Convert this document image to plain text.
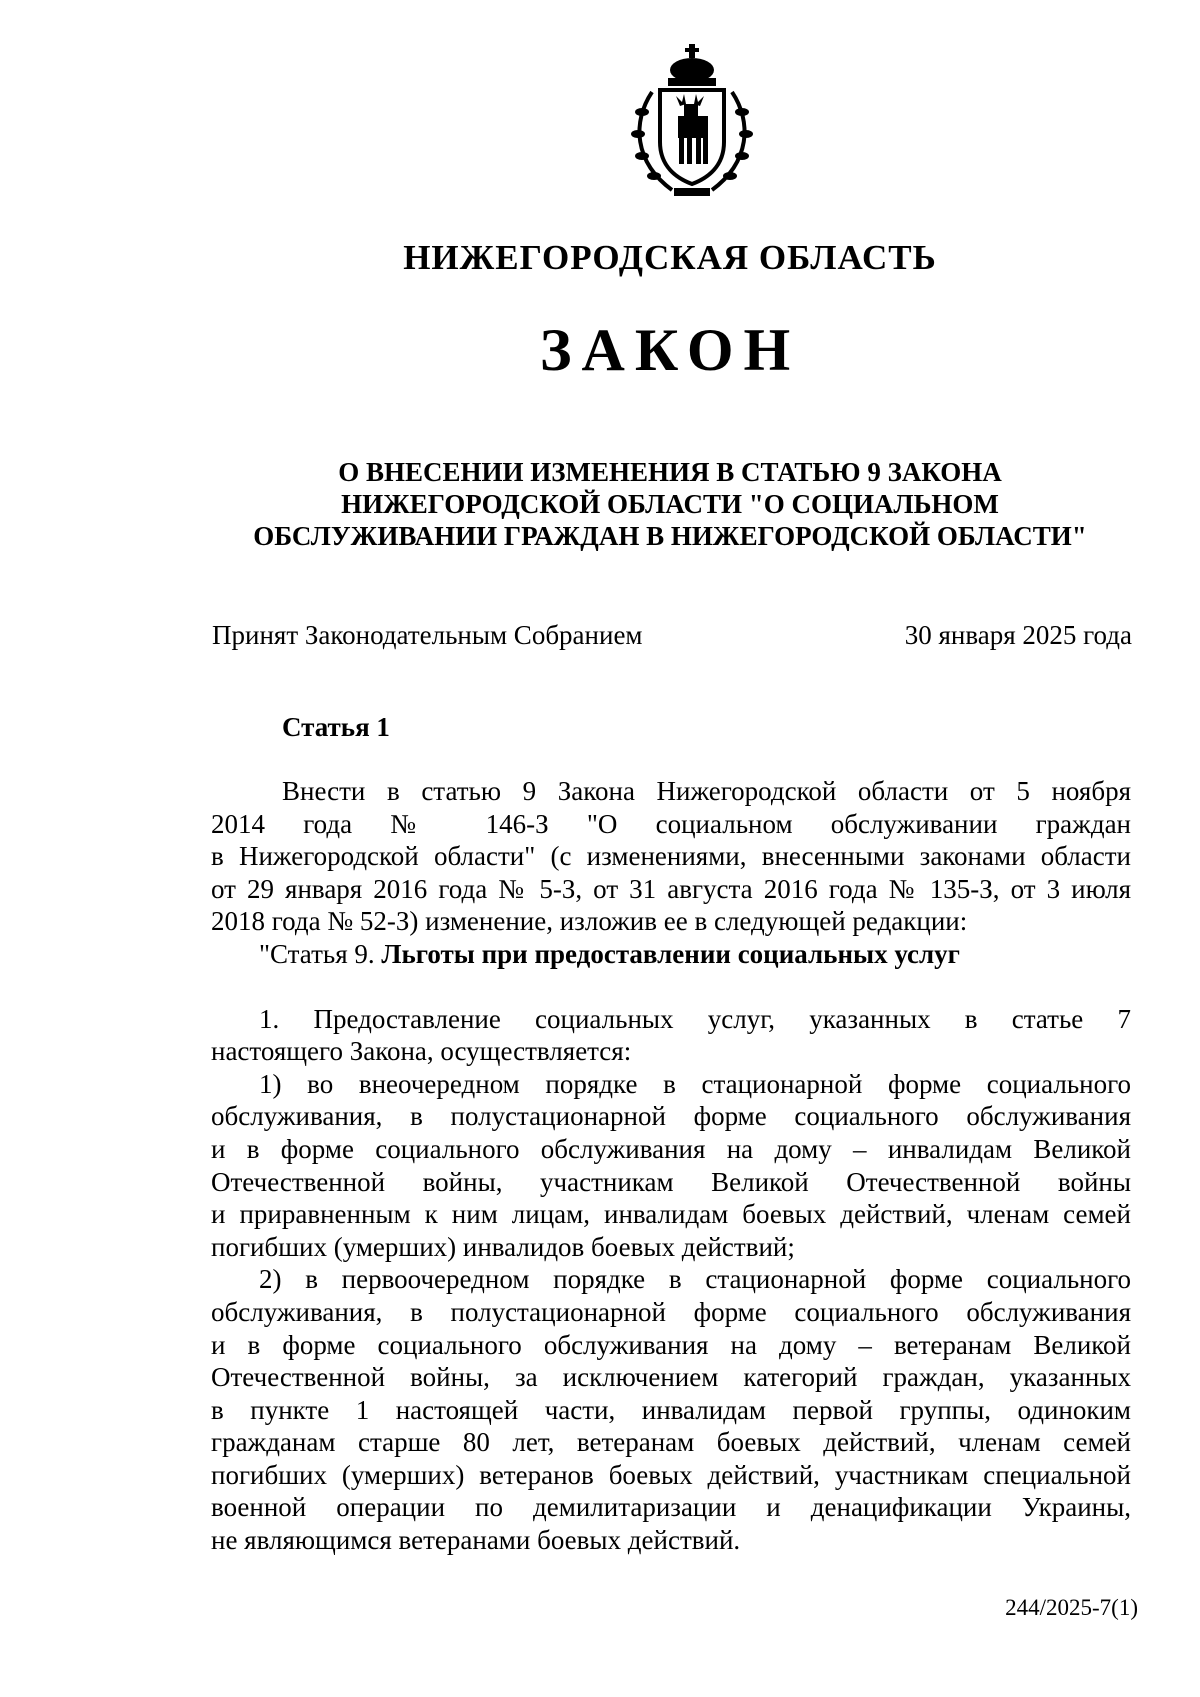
НИЖЕГОРОДСКАЯ ОБЛАСТЬ
ЗАКОН
О ВНЕСЕНИИ ИЗМЕНЕНИЯ В СТАТЬЮ 9 ЗАКОНА
НИЖЕГОРОДСКОЙ ОБЛАСТИ "О СОЦИАЛЬНОМ
ОБСЛУЖИВАНИИ ГРАЖДАН В НИЖЕГОРОДСКОЙ ОБЛАСТИ"
Принят Законодательным Собранием	30 января 2025 года
Статья 1
Внести в статью 9 Закона Нижегородской области от 5 ноября
2014 года № 146-З "О социальном обслуживании граждан
в Нижегородской области" (с изменениями, внесенными законами области
от 29 января 2016 года № 5-З, от 31 августа 2016 года № 135-З, от 3 июля
2018 года № 52-З) изменение, изложив ее в следующей редакции:
"Статья 9. Льготы при предоставлении социальных услуг
1. Предоставление социальных услуг, указанных в статье 7
настоящего Закона, осуществляется:
1) во внеочередном порядке в стационарной форме социального
обслуживания, в полустационарной форме социального обслуживания
и в форме социального обслуживания на дому – инвалидам Великой
Отечественной войны, участникам Великой Отечественной войны
и приравненным к ним лицам, инвалидам боевых действий, членам семей
погибших (умерших) инвалидов боевых действий;
2) в первоочередном порядке в стационарной форме социального
обслуживания, в полустационарной форме социального обслуживания
и в форме социального обслуживания на дому – ветеранам Великой
Отечественной войны, за исключением категорий граждан, указанных
в пункте 1 настоящей части, инвалидам первой группы, одиноким
гражданам старше 80 лет, ветеранам боевых действий, членам семей
погибших (умерших) ветеранов боевых действий, участникам специальной
военной операции по демилитаризации и денацификации Украины,
не являющимся ветеранами боевых действий.
244/2025-7(1)
